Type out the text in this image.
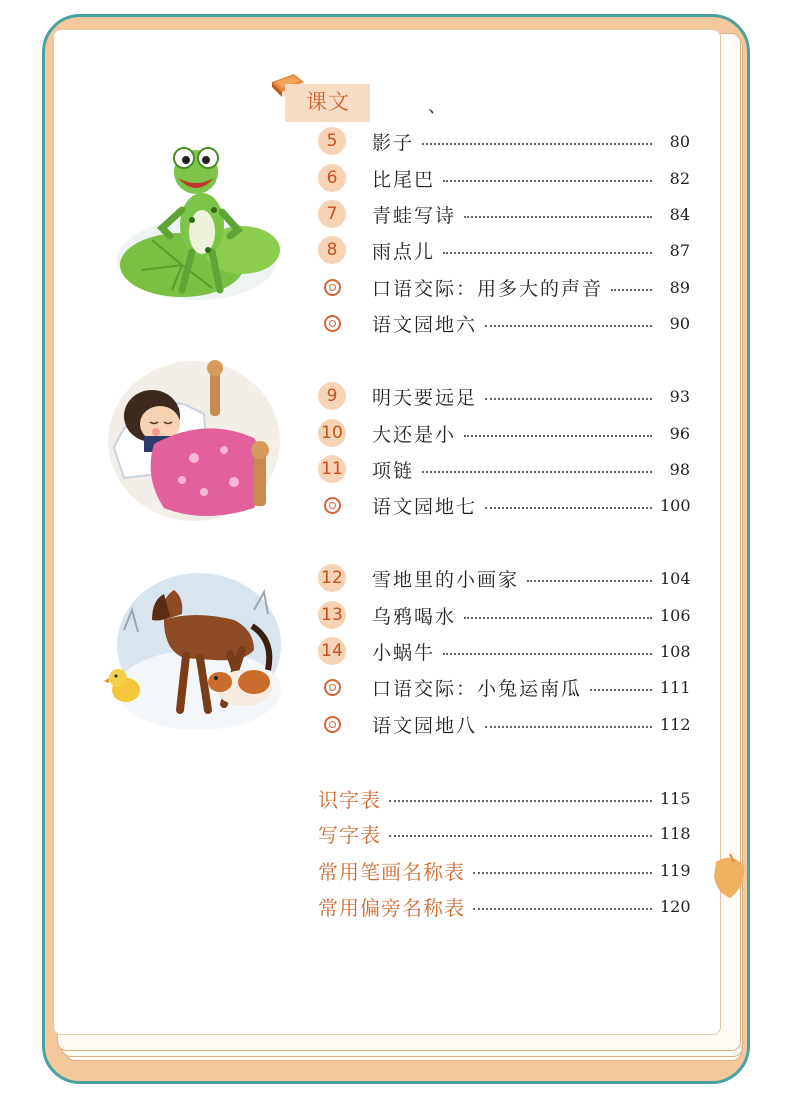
课文	、
5	影子	80
6	比尾巴	82
7	青蛙写诗	84
8	雨点儿	87
口语交际：用多大的声音	89
语文园地六	90
9	明天要远足	93
10 大还是小	96
11 项链	98
语文园地七	100
12 雪地里的小画家	104
13 乌鸦喝水	106
14 小蜗牛	108
口语交际：小兔运南瓜	111
语文园地八	112
识字表	115
写字表	118
常用笔画名称表	119
常用偏旁名称表	120
